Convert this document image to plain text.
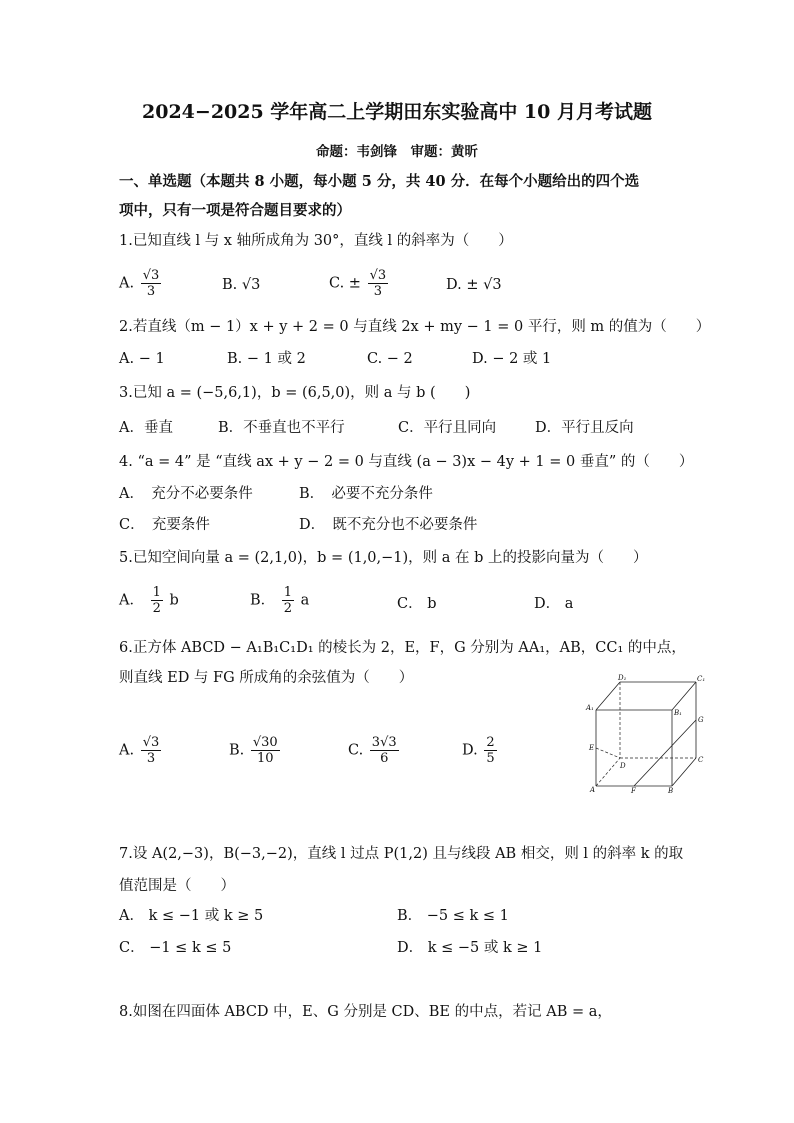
2024−2025 学年高二上学期田东实验高中 10 月月考试题
命题：韦剑锋　审题：黄昕
一、单选题（本题共 8 小题，每小题 5 分，共 40 分．在每个小题给出的四个选
项中，只有一项是符合题目要求的）
1.已知直线 l 与 x 轴所成角为 30°，直线 l 的斜率为（　　）
A. $\frac{√3}{3}$	B. √3	C. ± $\frac{√3}{3}$	D. ± √3
2.若直线（m − 1）x + y + 2 = 0 与直线 2x + my − 1 = 0 平行，则 m 的值为（　　）
A. − 1	B. − 1 或 2	C. − 2	D. − 2 或 1
3.已知 a = (−5,6,1)，b = (6,5,0)，则 a 与 b (　　)
A．垂直	B．不垂直也不平行	C．平行且同向	D．平行且反向
4. “a = 4” 是 “直线 ax + y − 2 = 0 与直线 (a − 3)x − 4y + 1 = 0 垂直” 的（　　）
A．　充分不必要条件	B．　必要不充分条件
C．　充要条件	D．　既不充分也不必要条件
5.已知空间向量 a = (2,1,0)，b = (1,0,−1)，则 a 在 b 上的投影向量为（　　）
A． $\frac{1}{2}$ b	B． $\frac{1}{2}$ a	C． b	D． a
6.正方体 ABCD − A₁B₁C₁D₁ 的棱长为 2，E，F，G 分别为 AA₁，AB，CC₁ 的中点，
则直线 ED 与 FG 所成角的余弦值为（　　）
A. $\frac{√3}{3}$	B. $\frac{√30}{10}$	C. $\frac{3√3}{6}$	D. $\frac{2}{5}$
D₁	C₁
A₁
B₁
G
E
D
C
A	F	B
7.设 A(2,−3)，B(−3,−2)，直线 l 过点 P(1,2) 且与线段 AB 相交，则 l 的斜率 k 的取
值范围是（　　）
A． k ≤ −1 或 k ≥ 5	B． −5 ≤ k ≤ 1
C． −1 ≤ k ≤ 5	D． k ≤ −5 或 k ≥ 1
8.如图在四面体 ABCD 中，E、G 分别是 CD、BE 的中点，若记 AB = a，
